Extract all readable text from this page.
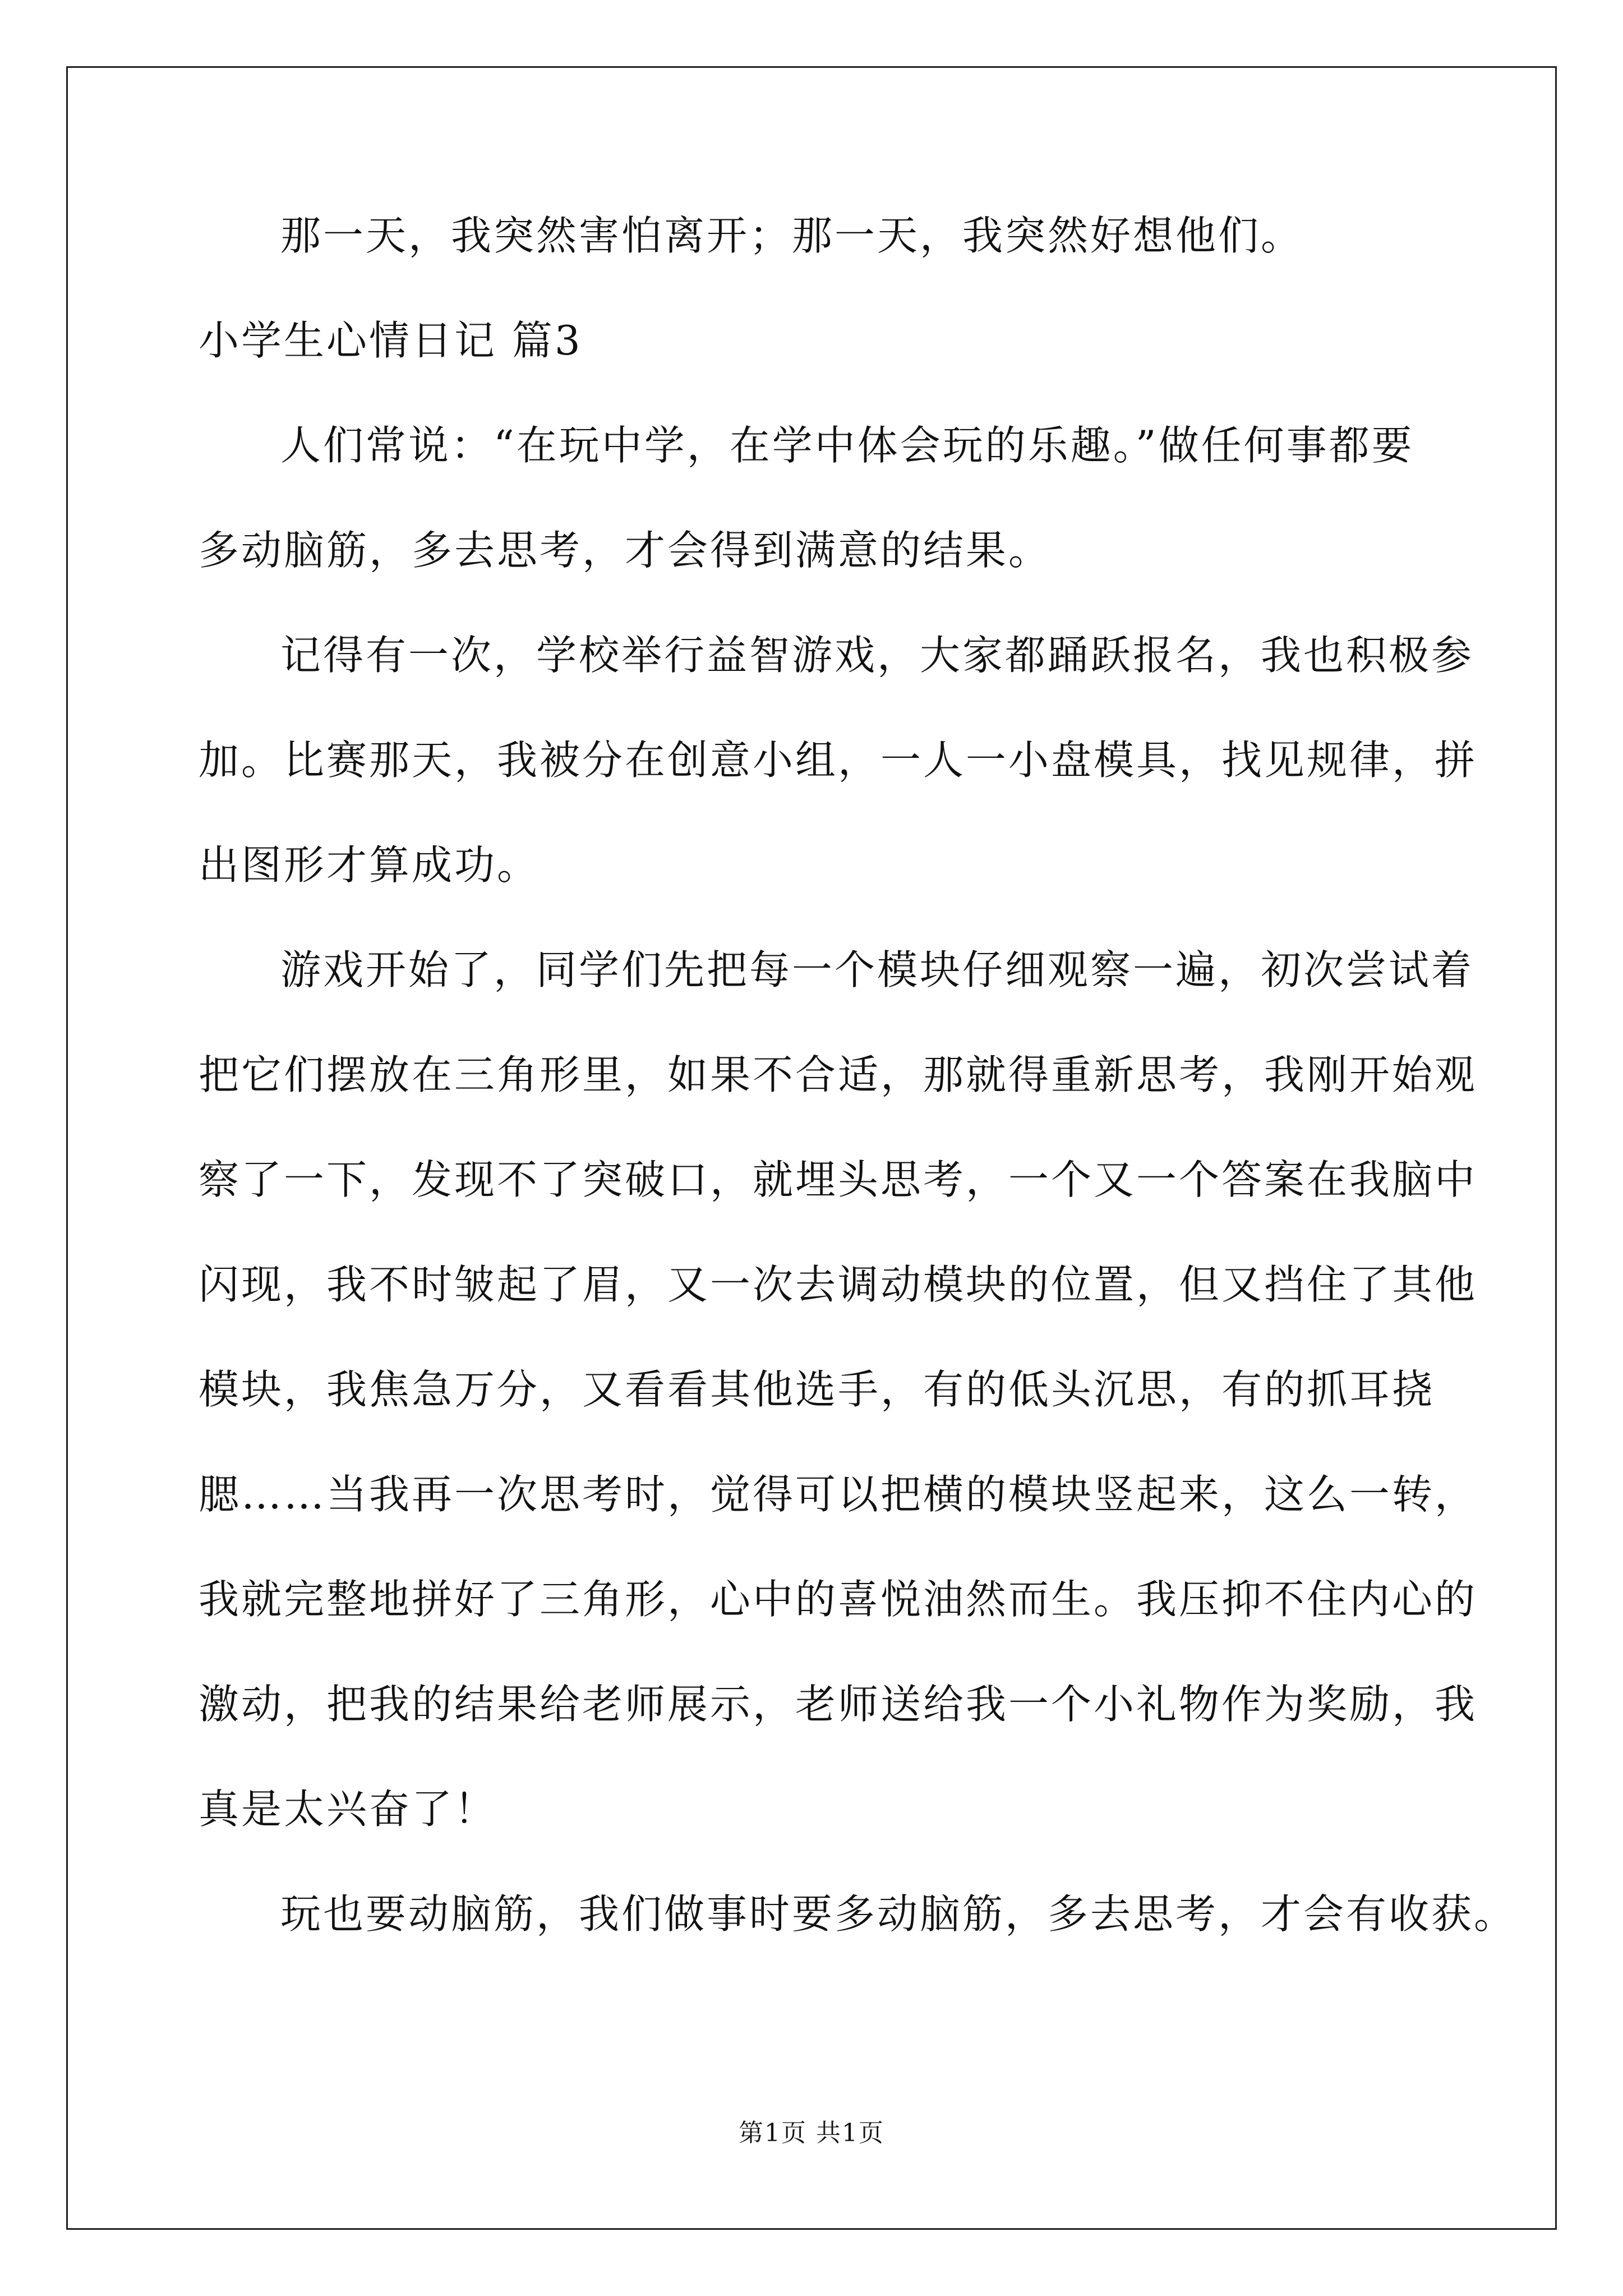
那一天，我突然害怕离开；那一天，我突然好想他们。
小学生心情日记 篇3
人们常说：“在玩中学，在学中体会玩的乐趣。”做任何事都要
多动脑筋，多去思考，才会得到满意的结果。
记得有一次，学校举行益智游戏，大家都踊跃报名，我也积极参
加。比赛那天，我被分在创意小组，一人一小盘模具，找见规律，拼
出图形才算成功。
游戏开始了，同学们先把每一个模块仔细观察一遍，初次尝试着
把它们摆放在三角形里，如果不合适，那就得重新思考，我刚开始观
察了一下，发现不了突破口，就埋头思考，一个又一个答案在我脑中
闪现，我不时皱起了眉，又一次去调动模块的位置，但又挡住了其他
模块，我焦急万分，又看看其他选手，有的低头沉思，有的抓耳挠
腮……当我再一次思考时，觉得可以把横的模块竖起来，这么一转，
我就完整地拼好了三角形，心中的喜悦油然而生。我压抑不住内心的
激动，把我的结果给老师展示，老师送给我一个小礼物作为奖励，我
真是太兴奋了！
玩也要动脑筋，我们做事时要多动脑筋，多去思考，才会有收获。
第1页 共1页
